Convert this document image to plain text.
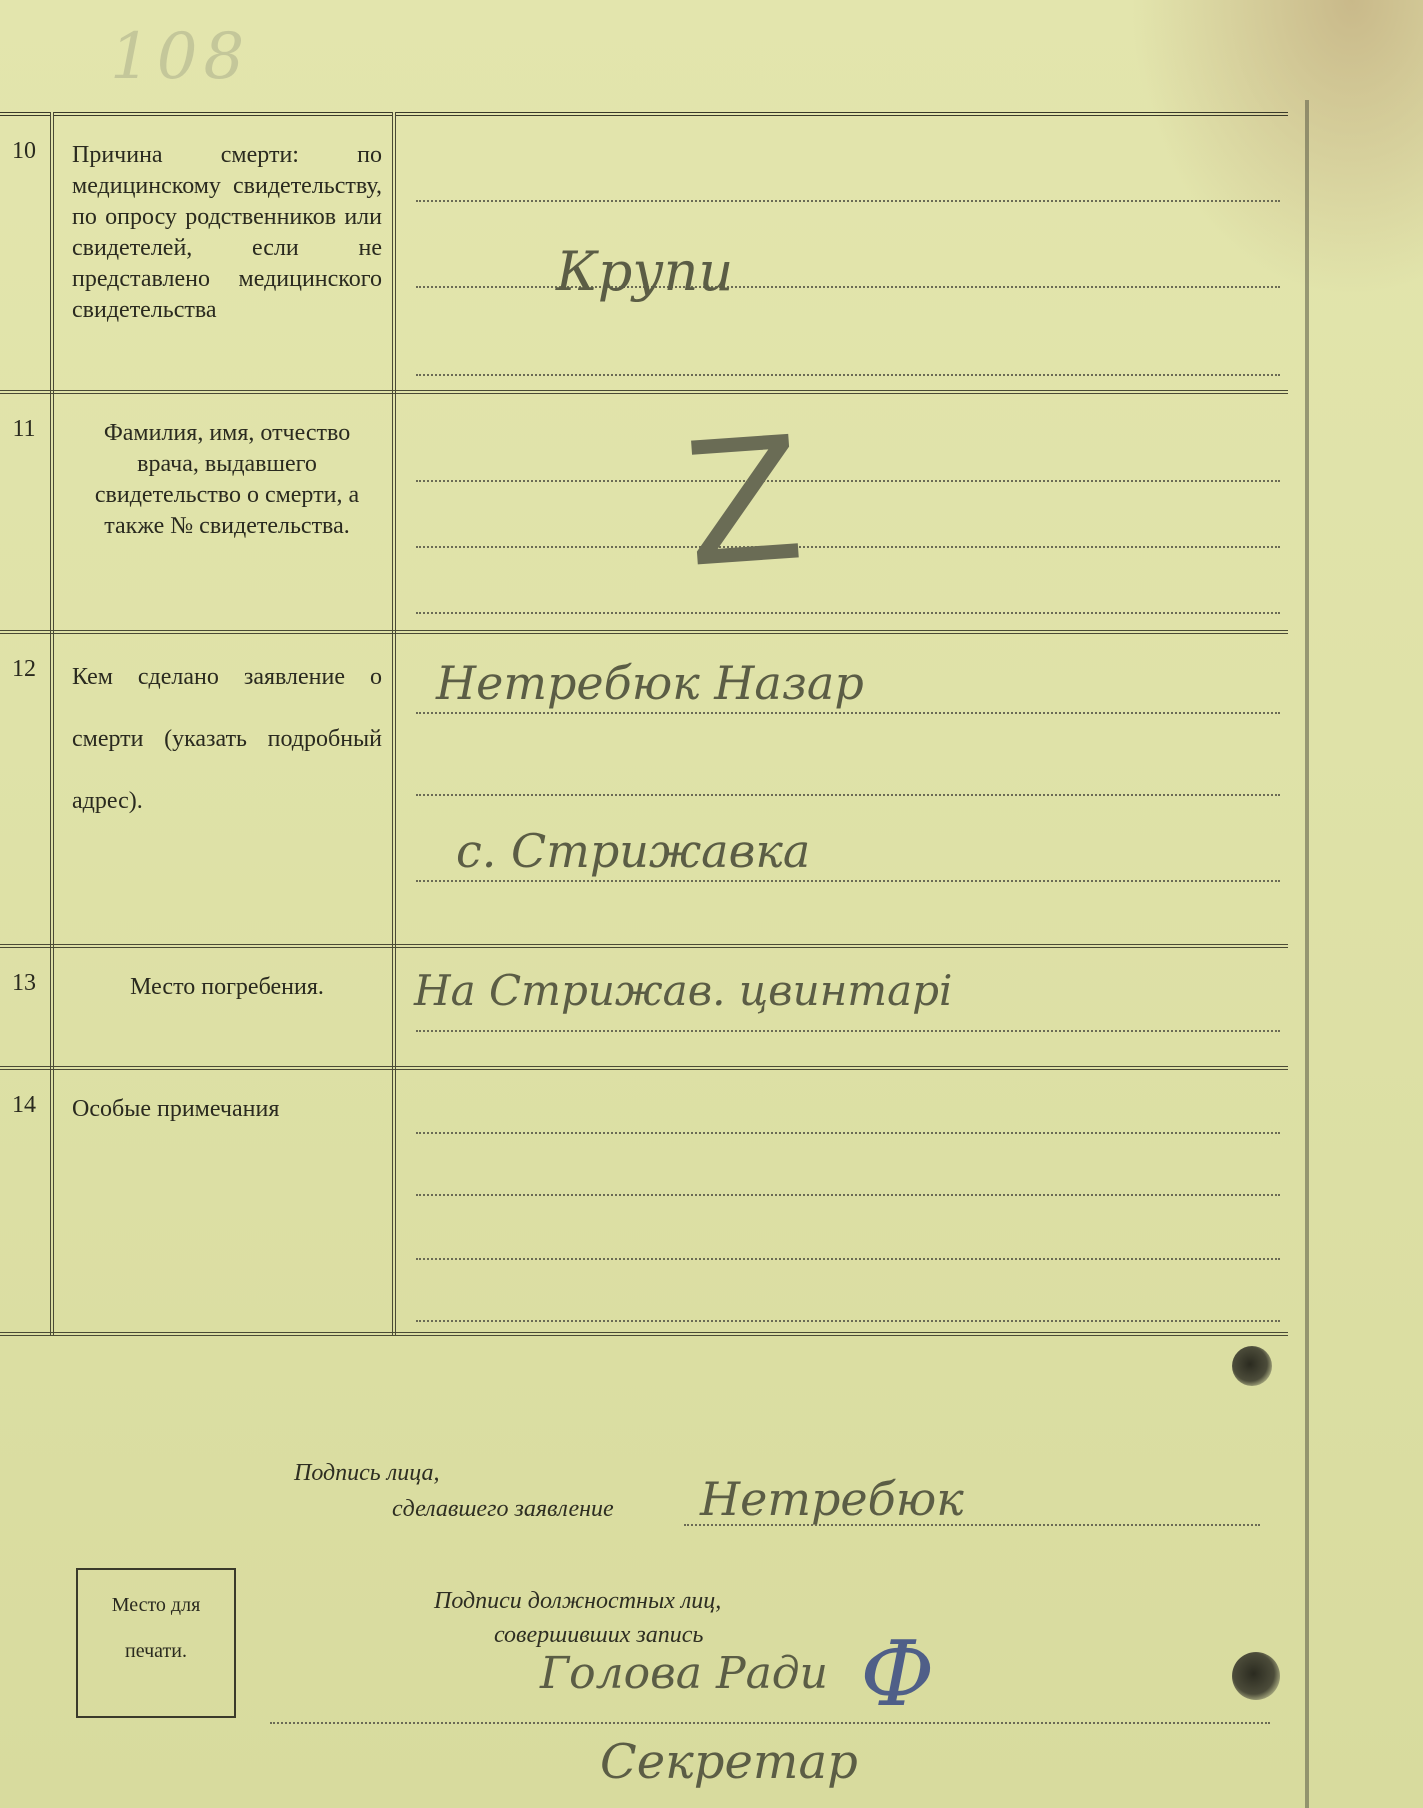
108
10	Причина смерти: по медицинскому свидетельству, по опросу родственников или свидетелей, если не представлено медицинского свидетельства	Крупи

11	Фамилия, имя, отчество врача, выдавшего свидетельство о смерти, а также № свидетельства.	Z

12	Кем сделано заявление о смерти (указать подробный адрес).	Нетребюк Назар
с. Стрижавка

13	Место погребения.	На Стрижав. цвинтарі

14	Особые примечания	
Подпись лица,
сделавшего заявление Нетребюк
Место для
печати.
Подписи должностных лиц,
совершивших запись
Голова Ради Ф
Секретар
